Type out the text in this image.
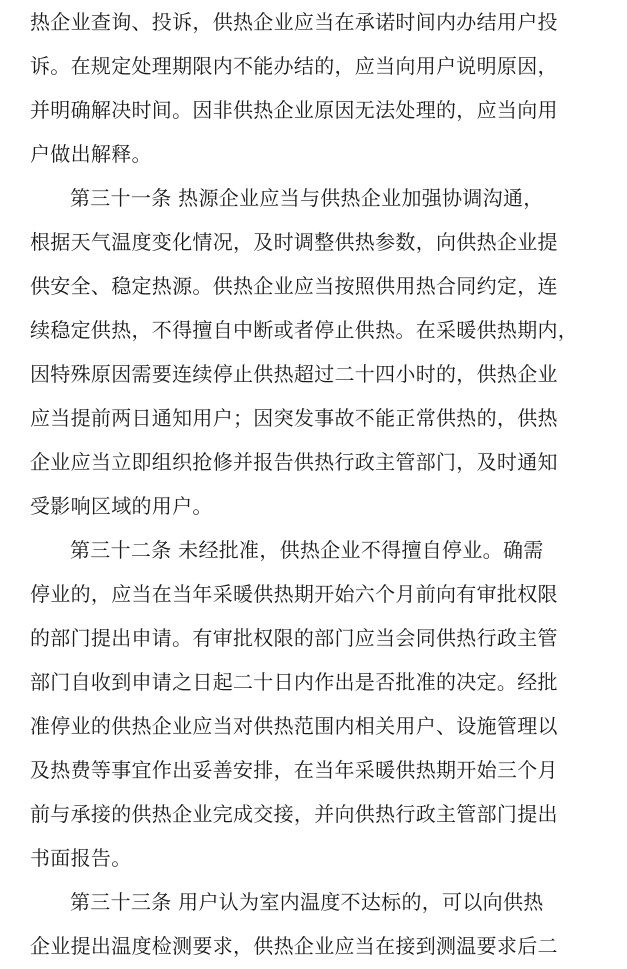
热企业查询、投诉，供热企业应当在承诺时间内办结用户投
诉。在规定处理期限内不能办结的，应当向用户说明原因，
并明确解决时间。因非供热企业原因无法处理的，应当向用
户做出解释。
第三十一条 热源企业应当与供热企业加强协调沟通，
根据天气温度变化情况，及时调整供热参数，向供热企业提
供安全、稳定热源。供热企业应当按照供用热合同约定，连
续稳定供热，不得擅自中断或者停止供热。在采暖供热期内，
因特殊原因需要连续停止供热超过二十四小时的，供热企业
应当提前两日通知用户；因突发事故不能正常供热的，供热
企业应当立即组织抢修并报告供热行政主管部门，及时通知
受影响区域的用户。
第三十二条 未经批准，供热企业不得擅自停业。确需
停业的，应当在当年采暖供热期开始六个月前向有审批权限
的部门提出申请。有审批权限的部门应当会同供热行政主管
部门自收到申请之日起二十日内作出是否批准的决定。经批
准停业的供热企业应当对供热范围内相关用户、设施管理以
及热费等事宜作出妥善安排，在当年采暖供热期开始三个月
前与承接的供热企业完成交接，并向供热行政主管部门提出
书面报告。
第三十三条 用户认为室内温度不达标的，可以向供热
企业提出温度检测要求，供热企业应当在接到测温要求后二
